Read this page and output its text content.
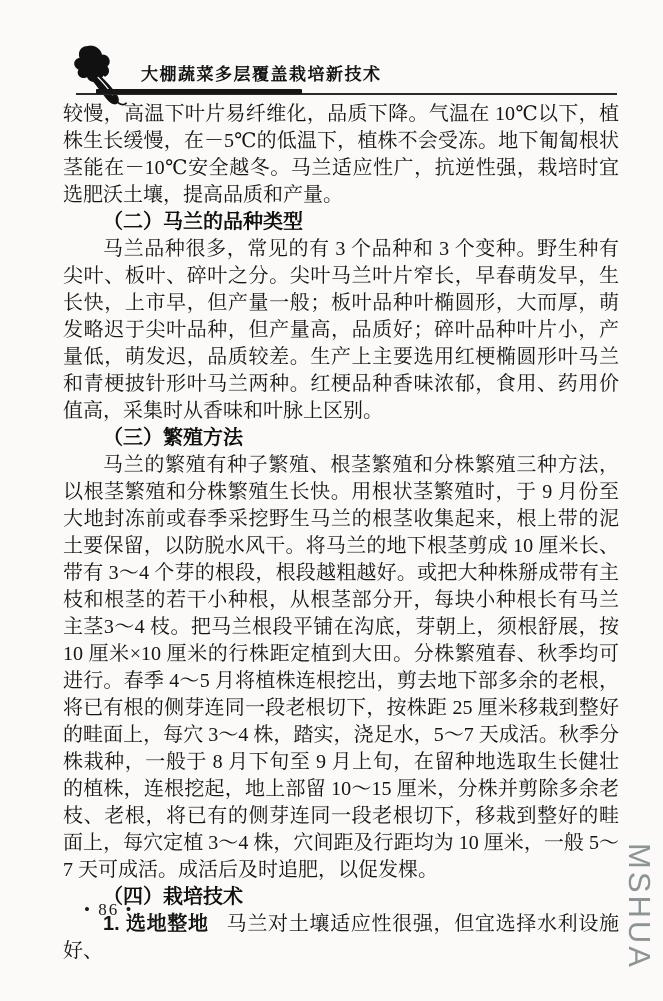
大棚蔬菜多层覆盖栽培新技术

较慢，高温下叶片易纤维化，品质下降。气温在 10℃以下，植株生长缓慢，在－5℃的低温下，植株不会受冻。地下匍匐根状茎能在－10℃安全越冬。马兰适应性广，抗逆性强，栽培时宜选肥沃土壤，提高品质和产量。

（二）马兰的品种类型

马兰品种很多，常见的有 3 个品种和 3 个变种。野生种有尖叶、板叶、碎叶之分。尖叶马兰叶片窄长，早春萌发早，生长快，上市早，但产量一般；板叶品种叶椭圆形，大而厚，萌发略迟于尖叶品种，但产量高，品质好；碎叶品种叶片小，产量低，萌发迟，品质较差。生产上主要选用红梗椭圆形叶马兰和青梗披针形叶马兰两种。红梗品种香味浓郁，食用、药用价值高，采集时从香味和叶脉上区别。

（三）繁殖方法

马兰的繁殖有种子繁殖、根茎繁殖和分株繁殖三种方法，以根茎繁殖和分株繁殖生长快。用根状茎繁殖时，于 9 月份至大地封冻前或春季采挖野生马兰的根茎收集起来，根上带的泥土要保留，以防脱水风干。将马兰的地下根茎剪成 10 厘米长、带有 3～4 个芽的根段，根段越粗越好。或把大种株掰成带有主枝和根茎的若干小种根，从根茎部分开，每块小种根长有马兰主茎3～4 枝。把马兰根段平铺在沟底，芽朝上，须根舒展，按10 厘米×10 厘米的行株距定植到大田。分株繁殖春、秋季均可进行。春季 4～5 月将植株连根挖出，剪去地下部多余的老根，将已有根的侧芽连同一段老根切下，按株距 25 厘米移栽到整好的畦面上，每穴 3～4 株，踏实，浇足水，5～7 天成活。秋季分株栽种，一般于 8 月下旬至 9 月上旬，在留种地选取生长健壮的植株，连根挖起，地上部留 10～15 厘米，分株并剪除多余老枝、老根，将已有的侧芽连同一段老根切下，移栽到整好的畦面上，每穴定植 3～4 株，穴间距及行距均为 10 厘米，一般 5～7 天可成活。成活后及时追肥，以促发棵。

（四）栽培技术

1. 选地整地 马兰对土壤适应性很强，但宜选择水利设施好、

• 86 •	MSHUA
